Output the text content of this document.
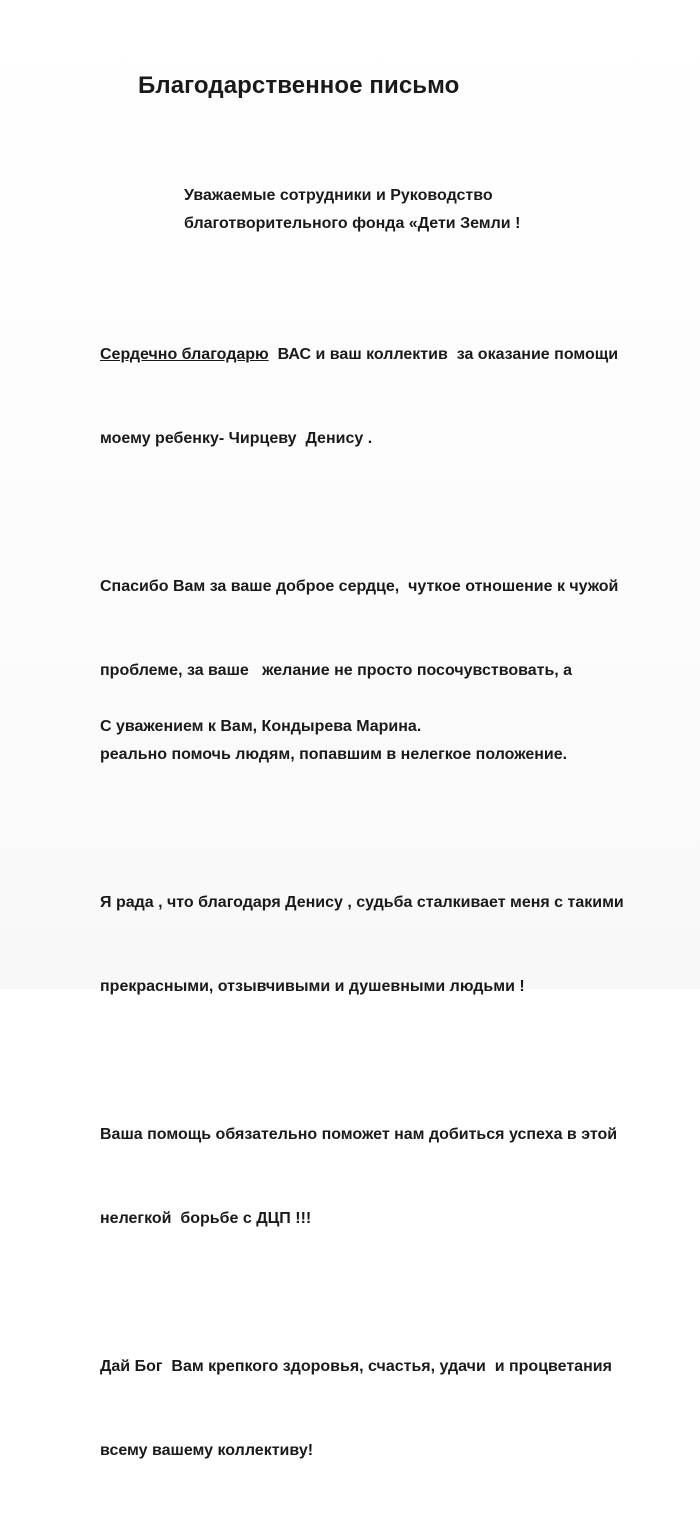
Благодарственное письмо
Уважаемые сотрудники и Руководство
благотворительного фонда «Дети Земли !

Сердечно благодарю  ВАС и ваш коллектив  за оказание помощи

моему ребенку- Чирцеву  Денису .

Спасибо Вам за ваше доброе сердце,  чуткое отношение к чужой

проблеме, за ваше   желание не просто посочувствовать, а

реально помочь людям, попавшим в нелегкое положение.

Я рада , что благодаря Денису , судьба сталкивает меня с такими

прекрасными, отзывчивыми и душевными людьми !

Ваша помощь обязательно поможет нам добиться успеха в этой

нелегкой  борьбе с ДЦП !!!

Дай Бог  Вам крепкого здоровья, счастья, удачи  и процветания

всему вашему коллективу!

С уважением к Вам, Кондырева Марина.
